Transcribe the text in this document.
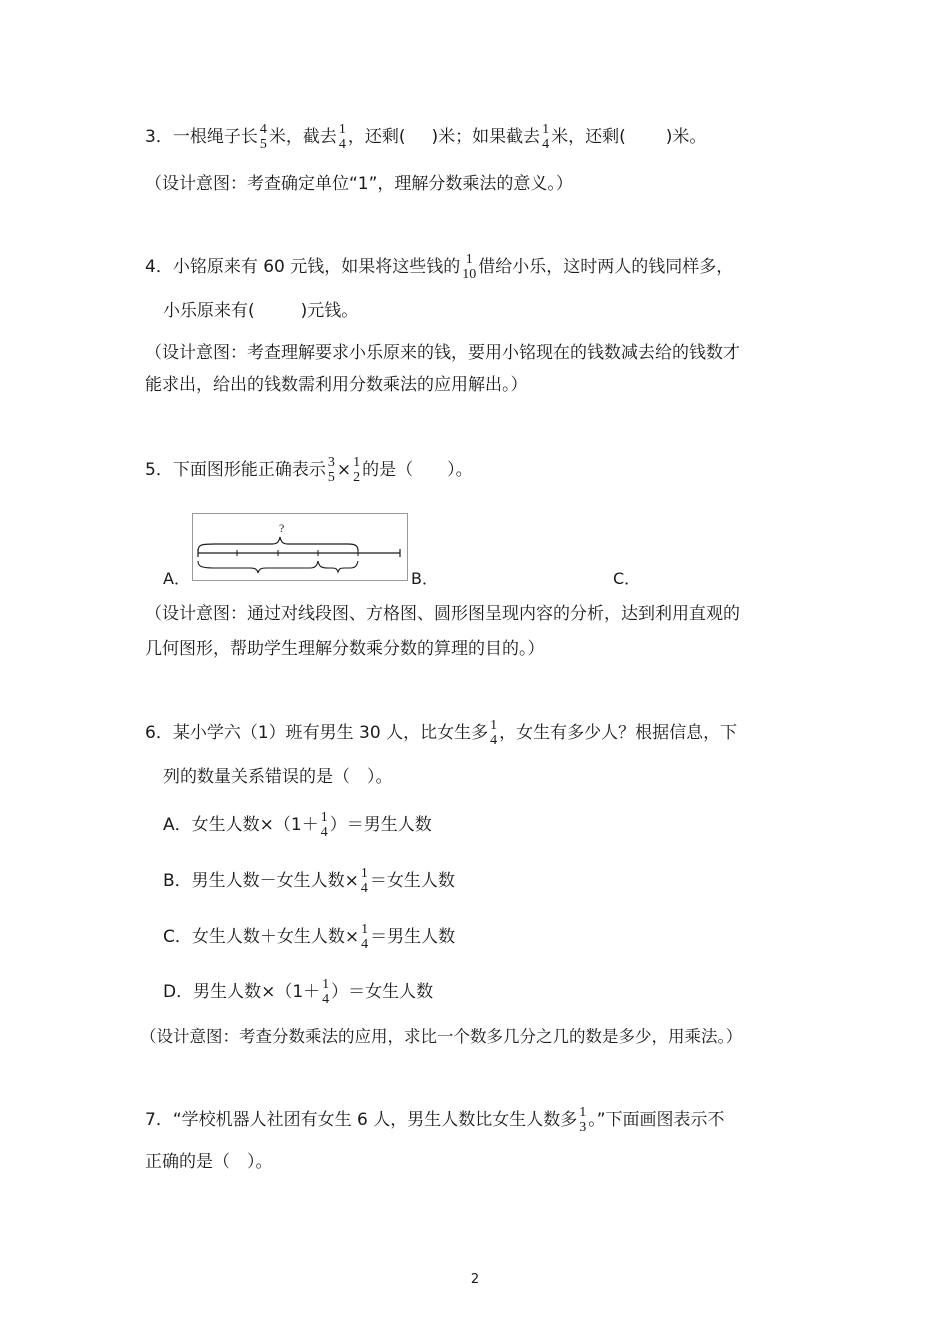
3．一根绳子长 4
5 米，截去 1
4 ，还剩( )米；如果截去 1
4 米，还剩( )米。
（设计意图：考查确定单位“1”，理解分数乘法的意义。）
4．小铭原来有 60 元钱，如果将这些钱的 1
10 借给小乐，这时两人的钱同样多，
小乐原来有(	)元钱。
（设计意图：考查理解要求小乐原来的钱，要用小铭现在的钱数减去给的钱数才
能求出，给出的钱数需利用分数乘法的应用解出。）
5．下面图形能正确表示 3
5 × 1
2 的是（ ）。
?
A．	B．	C．
（设计意图：通过对线段图、方格图、圆形图呈现内容的分析，达到利用直观的
几何图形，帮助学生理解分数乘分数的算理的目的。）
6．某小学六（1）班有男生 30 人，比女生多 1
4 ，女生有多少人？根据信息，下
列的数量关系错误的是（　）。
A．女生人数×（1＋ 1
4 ）＝男生人数
B．男生人数－女生人数× 1
4 ＝女生人数
C．女生人数＋女生人数× 1
4 ＝男生人数
D．男生人数×（1＋ 1
4 ）＝女生人数
（设计意图：考查分数乘法的应用，求比一个数多几分之几的数是多少，用乘法。）
7．“学校机器人社团有女生 6 人，男生人数比女生人数多 1
3 。”下面画图表示不
正确的是（　）。
2
